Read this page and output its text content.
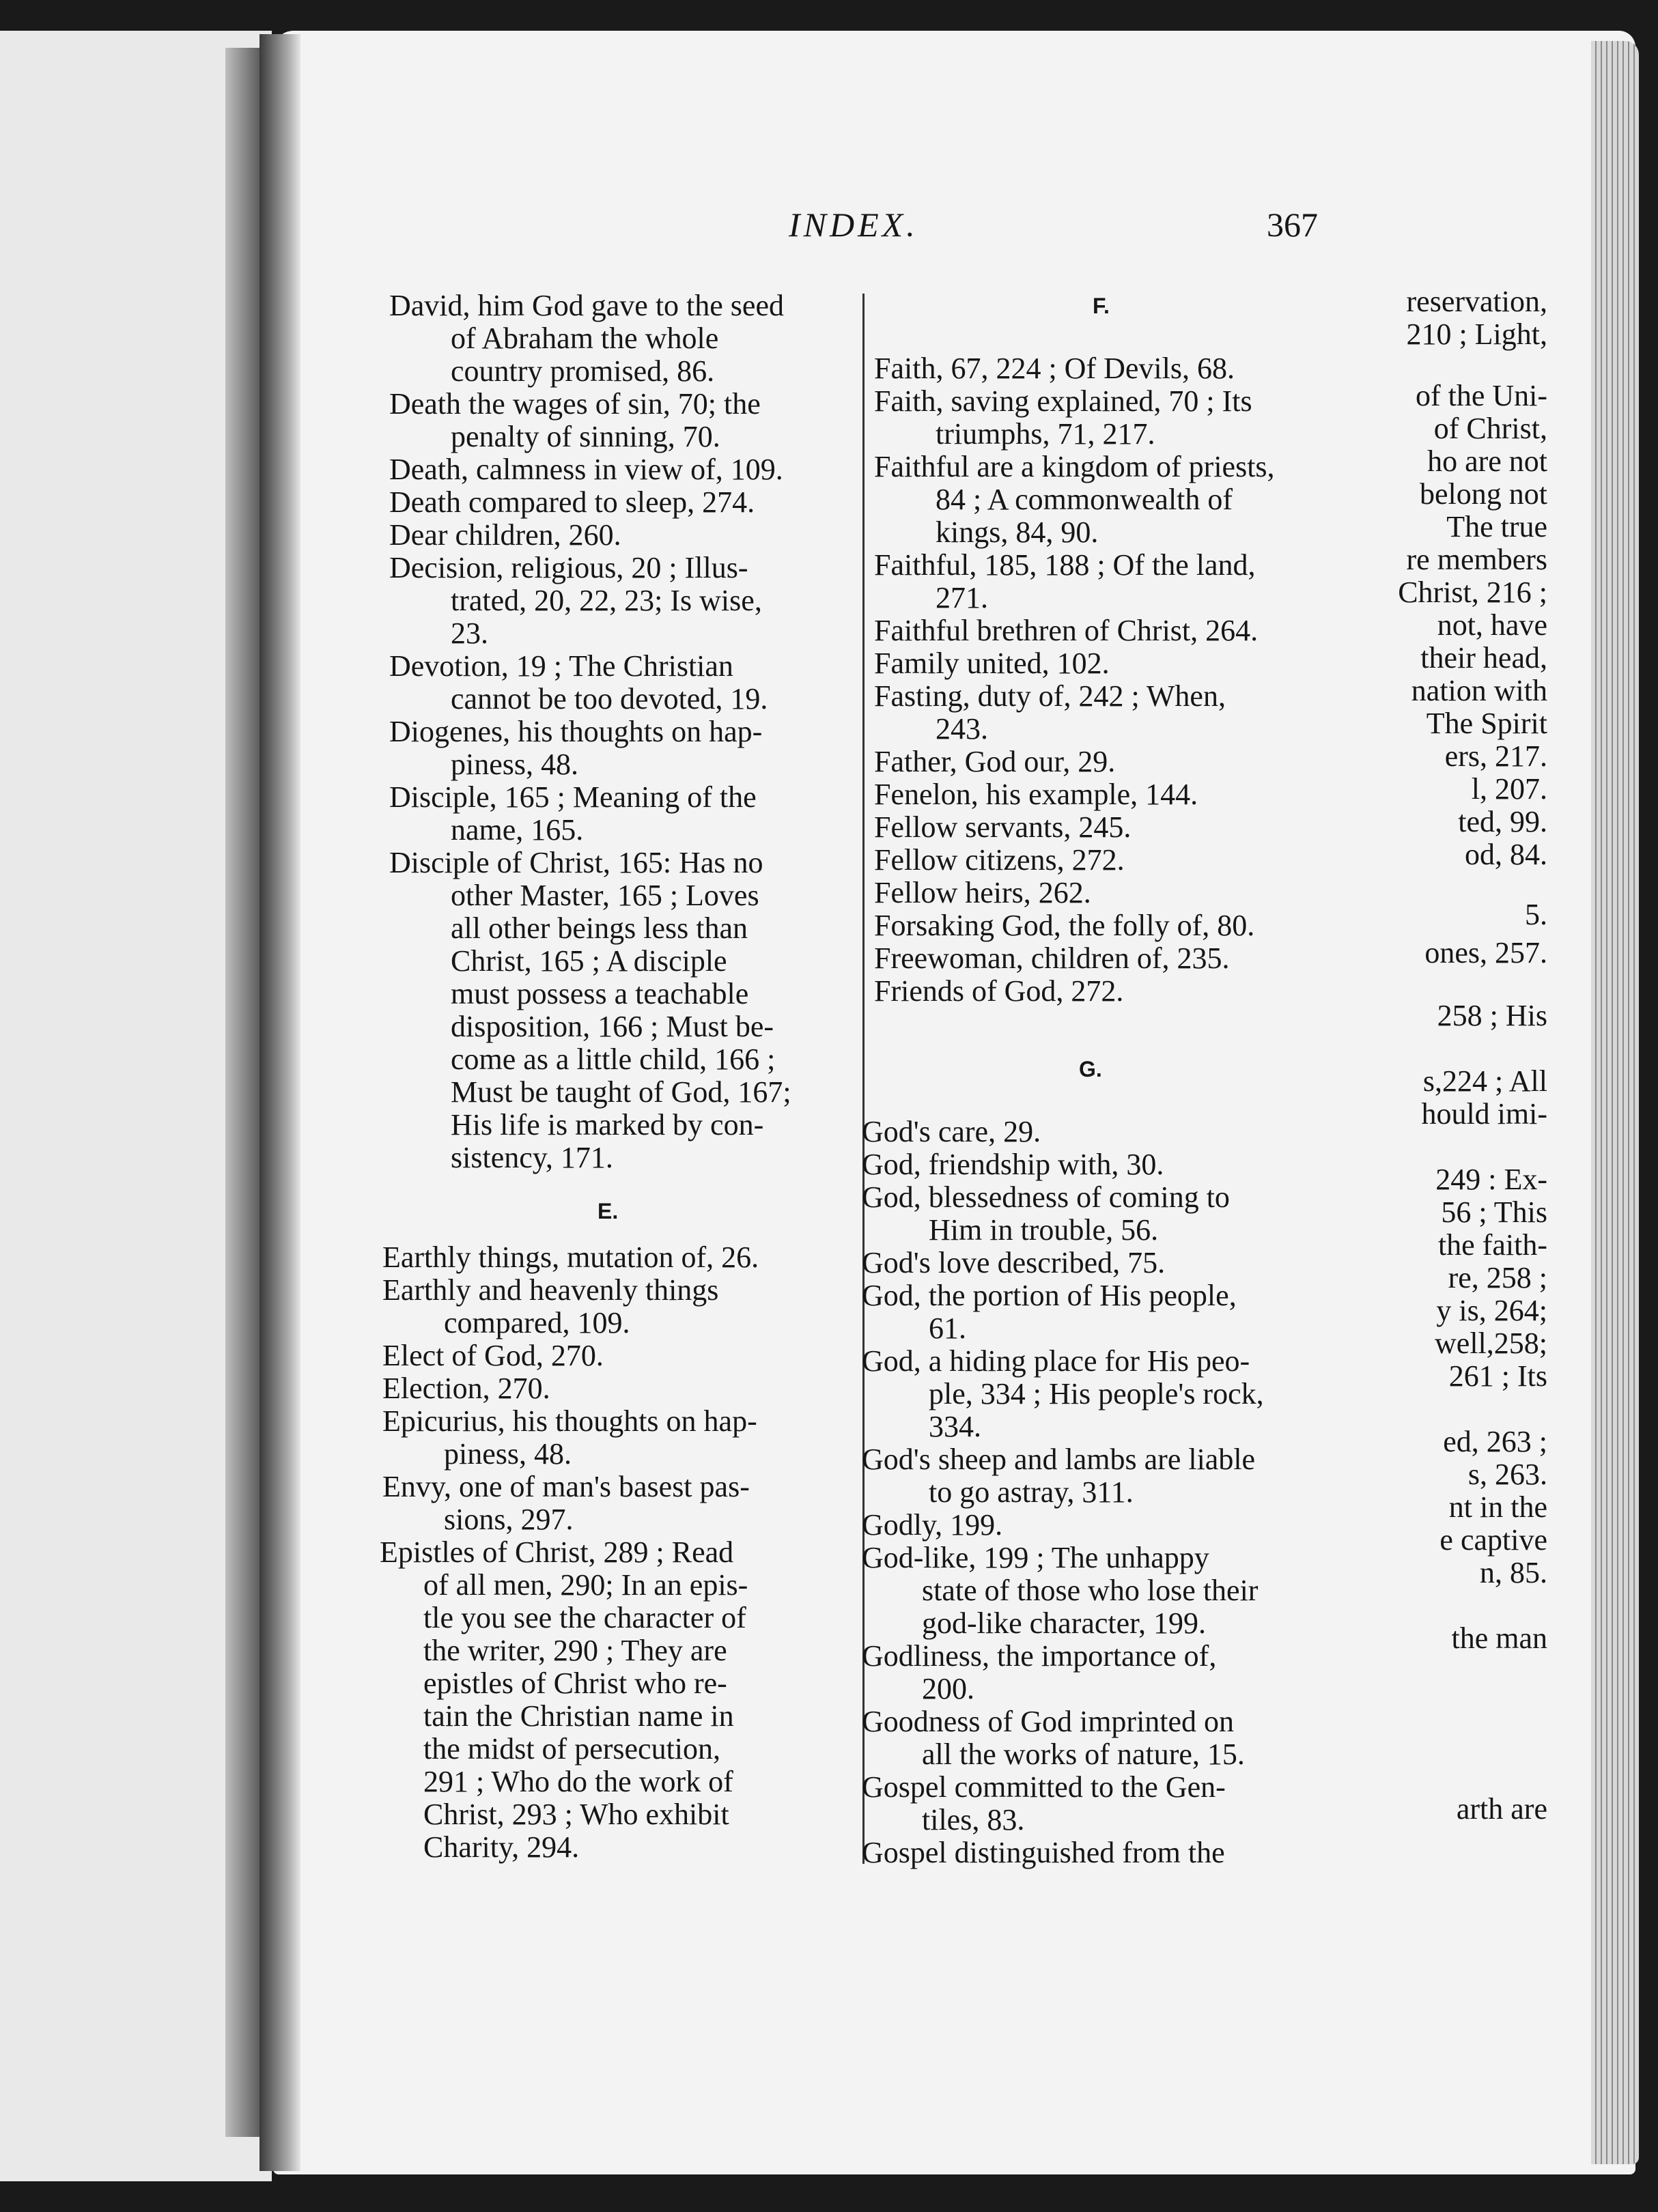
reservation,
210 ; Light,
of the Uni-
of Christ,
ho are not
belong not
The true
re members
Christ, 216 ;
not, have
their head,
nation with
The Spirit
ers, 217.
l, 207.
ted, 99.
od, 84.
5.
ones, 257.
258 ; His
s,224 ; All
hould imi-
249 : Ex-
56 ; This
the faith-
re, 258 ;
y is, 264;
well,258;
261 ; Its
ed, 263 ;
s, 263.
nt in the
e captive
n, 85.
the man
arth are
INDEX.	367
David, him God gave to the seed
of Abraham the whole
country promised, 86.
Death the wages of sin, 70; the
penalty of sinning, 70.
Death, calmness in view of, 109.
Death compared to sleep, 274.
Dear children, 260.
Decision, religious, 20 ; Illus-
trated, 20, 22, 23; Is wise,
23.
Devotion, 19 ; The Christian
cannot be too devoted, 19.
Diogenes, his thoughts on hap-
piness, 48.
Disciple, 165 ; Meaning of the
name, 165.
Disciple of Christ, 165: Has no
other Master, 165 ; Loves
all other beings less than
Christ, 165 ; A disciple
must possess a teachable
disposition, 166 ; Must be-
come as a little child, 166 ;
Must be taught of God, 167;
His life is marked by con-
sistency, 171.
E.
Earthly things, mutation of, 26.
Earthly and heavenly things
compared, 109.
Elect of God, 270.
Election, 270.
Epicurius, his thoughts on hap-
piness, 48.
Envy, one of man's basest pas-
sions, 297.
Epistles of Christ, 289 ; Read
of all men, 290; In an epis-
tle you see the character of
the writer, 290 ; They are
epistles of Christ who re-
tain the Christian name in
the midst of persecution,
291 ; Who do the work of
Christ, 293 ; Who exhibit
Charity, 294.
F.
Faith, 67, 224 ; Of Devils, 68.
Faith, saving explained, 70 ; Its
triumphs, 71, 217.
Faithful are a kingdom of priests,
84 ; A commonwealth of
kings, 84, 90.
Faithful, 185, 188 ; Of the land,
271.
Faithful brethren of Christ, 264.
Family united, 102.
Fasting, duty of, 242 ; When,
243.
Father, God our, 29.
Fenelon, his example, 144.
Fellow servants, 245.
Fellow citizens, 272.
Fellow heirs, 262.
Forsaking God, the folly of, 80.
Freewoman, children of, 235.
Friends of God, 272.
G.
God's care, 29.
God, friendship with, 30.
God, blessedness of coming to
Him in trouble, 56.
God's love described, 75.
God, the portion of His people,
61.
God, a hiding place for His peo-
ple, 334 ; His people's rock,
334.
God's sheep and lambs are liable
to go astray, 311.
Godly, 199.
God-like, 199 ; The unhappy
state of those who lose their
god-like character, 199.
Godliness, the importance of,
200.
Goodness of God imprinted on
all the works of nature, 15.
Gospel committed to the Gen-
tiles, 83.
Gospel distinguished from the
